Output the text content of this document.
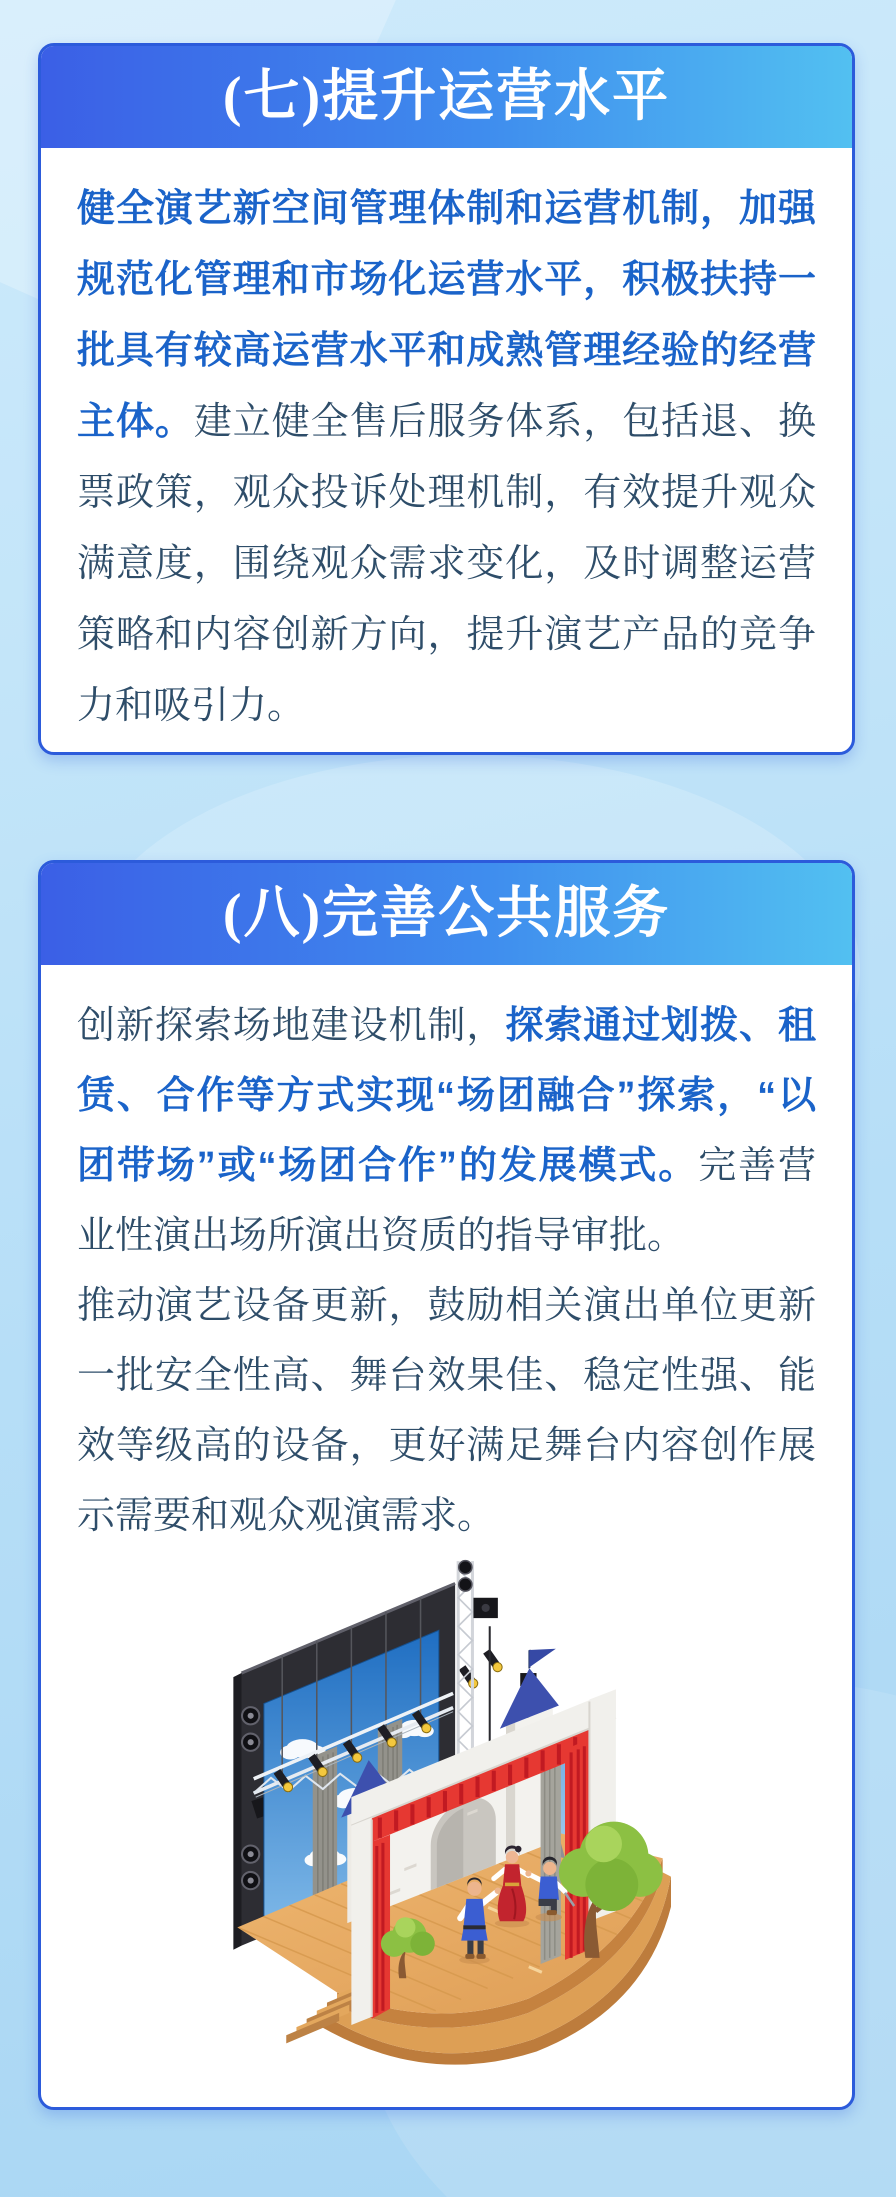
(七)提升运营水平

健全演艺新空间管理体制和运营机制，加强规范化管理和市场化运营水平，积极扶持一批具有较高运营水平和成熟管理经验的经营主体。建立健全售后服务体系，包括退、换票政策，观众投诉处理机制，有效提升观众满意度，围绕观众需求变化，及时调整运营策略和内容创新方向，提升演艺产品的竞争力和吸引力。

(八)完善公共服务

创新探索场地建设机制，探索通过划拨、租赁、合作等方式实现“场团融合”探索，“以团带场”或“场团合作”的发展模式。完善营业性演出场所演出资质的指导审批。

推动演艺设备更新，鼓励相关演出单位更新一批安全性高、舞台效果佳、稳定性强、能效等级高的设备，更好满足舞台内容创作展示需要和观众观演需求。
